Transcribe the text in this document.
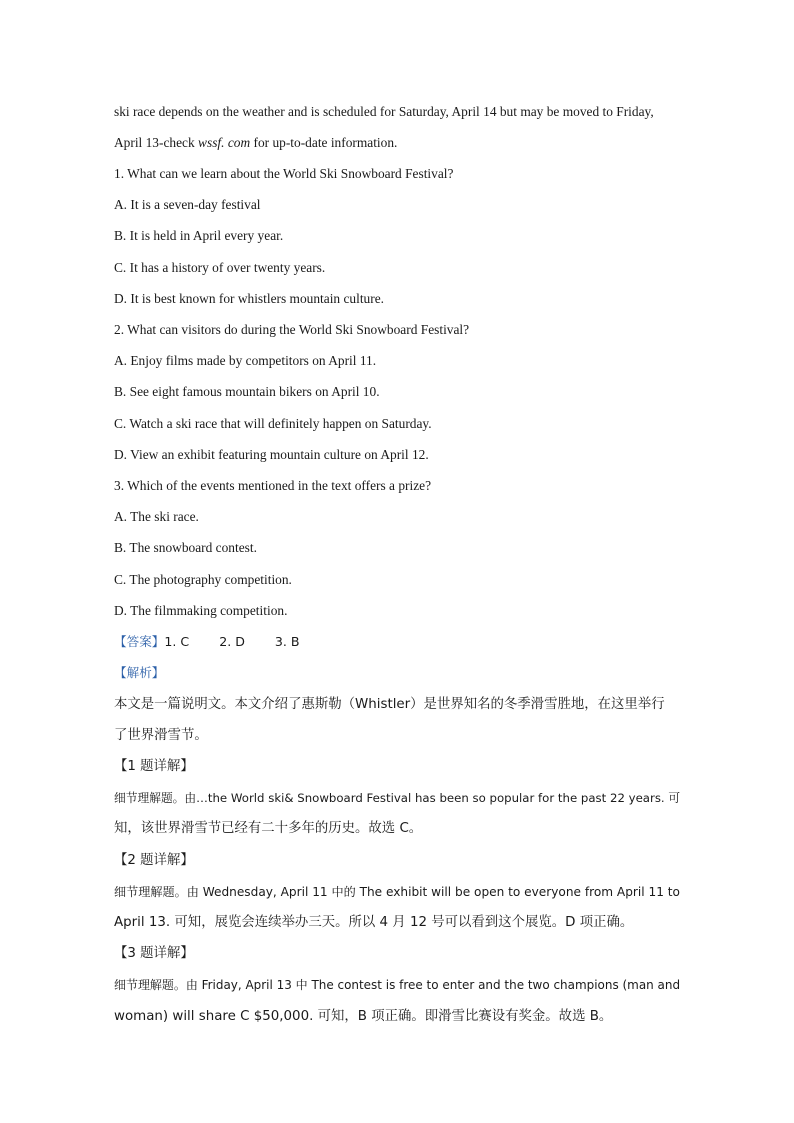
ski race depends on the weather and is scheduled for Saturday, April 14 but may be moved to Friday,
April 13-check wssf. com for up-to-date information.
1. What can we learn about the World Ski Snowboard Festival?
A. It is a seven-day festival
B. It is held in April every year.
C. It has a history of over twenty years.
D. It is best known for whistlers mountain culture.
2. What can visitors do during the World Ski Snowboard Festival?
A. Enjoy films made by competitors on April 11.
B. See eight famous mountain bikers on April 10.
C. Watch a ski race that will definitely happen on Saturday.
D. View an exhibit featuring mountain culture on April 12.
3. Which of the events mentioned in the text offers a prize?
A. The ski race.
B. The snowboard contest.
C. The photography competition.
D. The filmmaking competition.
【答案】1. C 2. D 3. B
【解析】
本文是一篇说明文。本文介绍了惠斯勒（Whistler）是世界知名的冬季滑雪胜地，在这里举行
了世界滑雪节。
【1 题详解】
细节理解题。由…the World ski& Snowboard Festival has been so popular for the past 22 years. 可
知，该世界滑雪节已经有二十多年的历史。故选 C。
【2 题详解】
细节理解题。由 Wednesday, April 11 中的 The exhibit will be open to everyone from April 11 to
April 13. 可知，展览会连续举办三天。所以 4 月 12 号可以看到这个展览。D 项正确。
【3 题详解】
细节理解题。由 Friday, April 13 中 The contest is free to enter and the two champions (man and
woman) will share C $50,000. 可知，B 项正确。即滑雪比赛设有奖金。故选 B。
